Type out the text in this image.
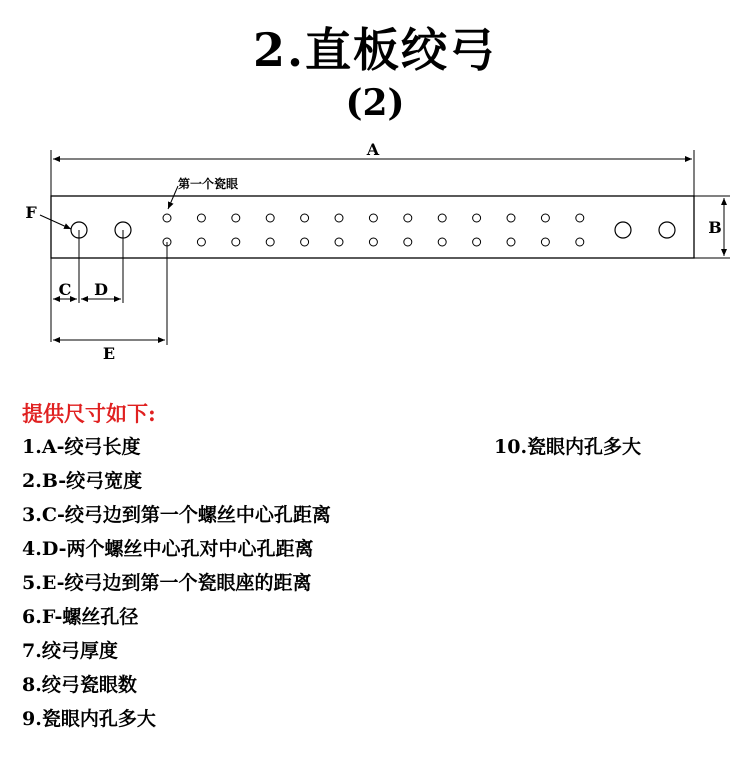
2.直板绞弓
(2)
A
B
F
第一个瓷眼
C D
E
提供尺寸如下:
1.A-绞弓长度
2.B-绞弓宽度
3.C-绞弓边到第一个螺丝中心孔距离
4.D-两个螺丝中心孔对中心孔距离
5.E-绞弓边到第一个瓷眼座的距离
6.F-螺丝孔径
7.绞弓厚度
8.绞弓瓷眼数
9.瓷眼内孔多大
10.瓷眼内孔多大
